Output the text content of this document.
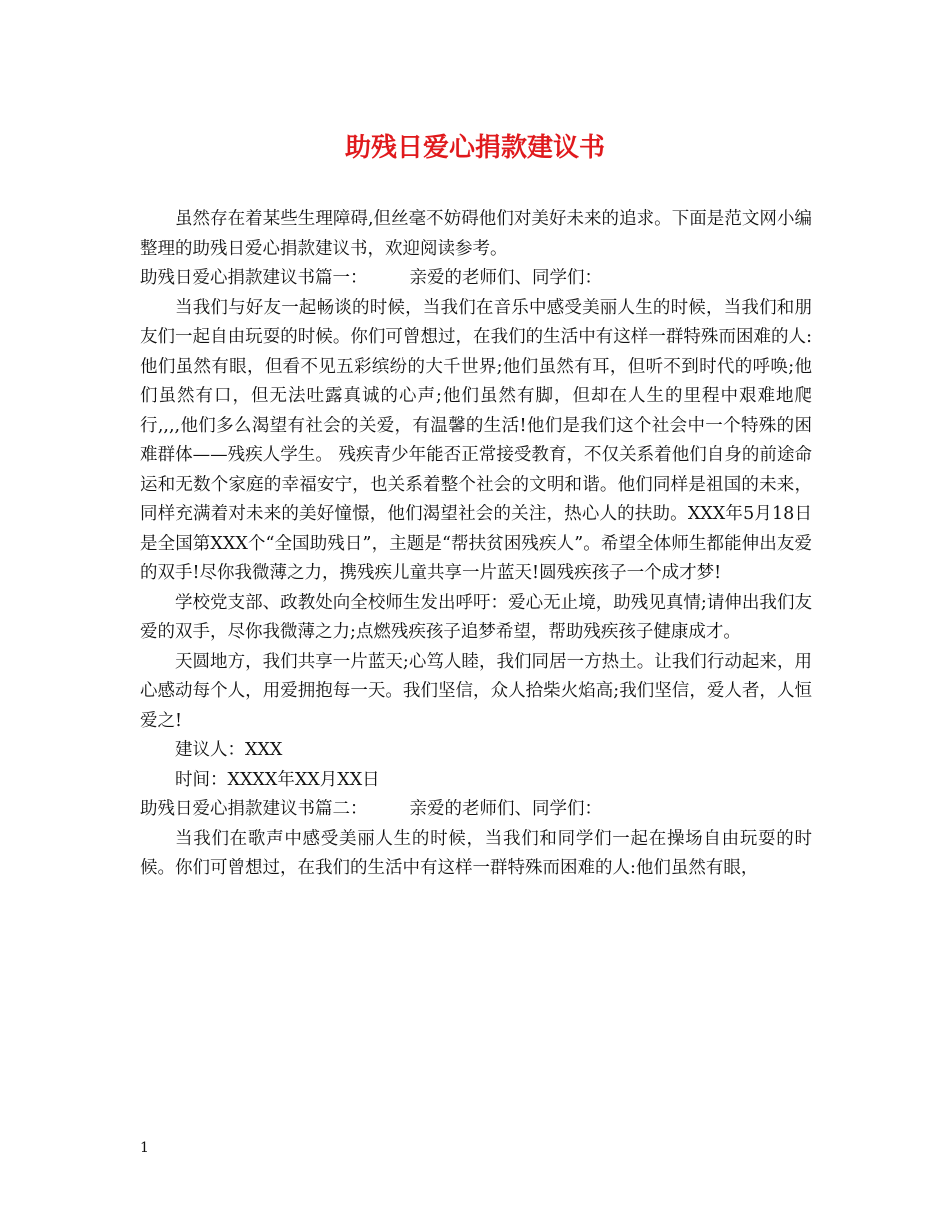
助残日爱心捐款建议书

虽然存在着某些生理障碍,但丝毫不妨碍他们对美好未来的追求。下面是范文网小编整理的助残日爱心捐款建议书，欢迎阅读参考。

助残日爱心捐款建议书篇一： 亲爱的老师们、同学们：

当我们与好友一起畅谈的时候，当我们在音乐中感受美丽人生的时候，当我们和朋友们一起自由玩耍的时候。你们可曾想过，在我们的生活中有这样一群特殊而困难的人:他们虽然有眼，但看不见五彩缤纷的大千世界;他们虽然有耳，但听不到时代的呼唤;他们虽然有口，但无法吐露真诚的心声;他们虽然有脚，但却在人生的里程中艰难地爬行,,,,他们多么渴望有社会的关爱，有温馨的生活!他们是我们这个社会中一个特殊的困难群体——残疾人学生。 残疾青少年能否正常接受教育，不仅关系着他们自身的前途命运和无数个家庭的幸福安宁，也关系着整个社会的文明和谐。他们同样是祖国的未来，同样充满着对未来的美好憧憬，他们渴望社会的关注，热心人的扶助。XXX年5月18日是全国第XXX个“全国助残日”，主题是“帮扶贫困残疾人”。希望全体师生都能伸出友爱的双手!尽你我微薄之力，携残疾儿童共享一片蓝天!圆残疾孩子一个成才梦!

学校党支部、政教处向全校师生发出呼吁：爱心无止境，助残见真情;请伸出我们友爱的双手，尽你我微薄之力;点燃残疾孩子追梦希望，帮助残疾孩子健康成才。

天圆地方，我们共享一片蓝天;心笃人睦，我们同居一方热土。让我们行动起来，用心感动每个人，用爱拥抱每一天。我们坚信，众人拾柴火焰高;我们坚信，爱人者，人恒爱之!

建议人：XXX

时间：XXXX年XX月XX日

助残日爱心捐款建议书篇二： 亲爱的老师们、同学们：

当我们在歌声中感受美丽人生的时候，当我们和同学们一起在操场自由玩耍的时候。你们可曾想过，在我们的生活中有这样一群特殊而困难的人:他们虽然有眼，

1
